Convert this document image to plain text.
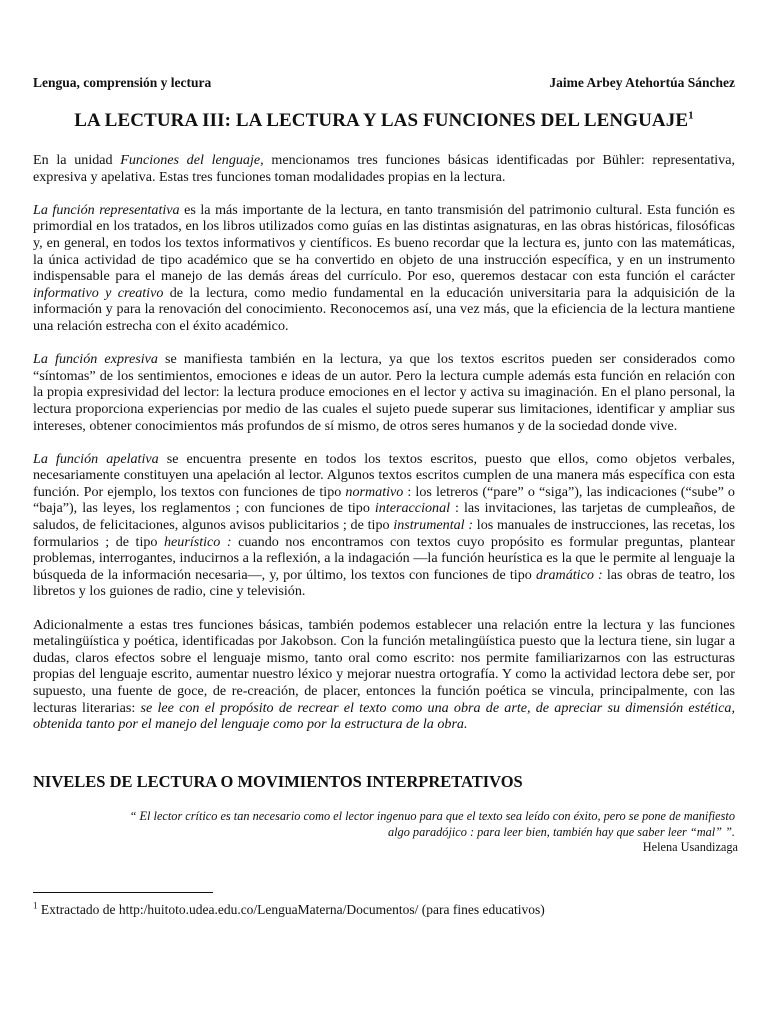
Lengua, comprensión y lectura	Jaime Arbey Atehortúa Sánchez
LA LECTURA III: LA LECTURA Y LAS FUNCIONES DEL LENGUAJE$^1$

En la unidad Funciones del lenguaje, mencionamos tres funciones básicas identificadas por Bühler: representativa, expresiva y apelativa. Estas tres funciones toman modalidades propias en la lectura.

La función representativa es la más importante de la lectura, en tanto transmisión del patrimonio cultural. Esta función es primordial en los tratados, en los libros utilizados como guías en las distintas asignaturas, en las obras históricas, filosóficas y, en general, en todos los textos informativos y científicos. Es bueno recordar que la lectura es, junto con las matemáticas, la única actividad de tipo académico que se ha convertido en objeto de una instrucción específica, y en un instrumento indispensable para el manejo de las demás áreas del currículo. Por eso, queremos destacar con esta función el carácter informativo y creativo de la lectura, como medio fundamental en la educación universitaria para la adquisición de la información y para la renovación del conocimiento. Reconocemos así, una vez más, que la eficiencia de la lectura mantiene una relación estrecha con el éxito académico.

La función expresiva se manifiesta también en la lectura, ya que los textos escritos pueden ser considerados como “síntomas” de los sentimientos, emociones e ideas de un autor. Pero la lectura cumple además esta función en relación con la propia expresividad del lector: la lectura produce emociones en el lector y activa su imaginación. En el plano personal, la lectura proporciona experiencias por medio de las cuales el sujeto puede superar sus limitaciones, identificar y ampliar sus intereses, obtener conocimientos más profundos de sí mismo, de otros seres humanos y de la sociedad donde vive.

La función apelativa se encuentra presente en todos los textos escritos, puesto que ellos, como objetos verbales, necesariamente constituyen una apelación al lector. Algunos textos escritos cumplen de una manera más específica con esta función. Por ejemplo, los textos con funciones de tipo normativo : los letreros (“pare” o “siga”), las indicaciones (“sube” o “baja”), las leyes, los reglamentos ; con funciones de tipo interaccional : las invitaciones, las tarjetas de cumpleaños, de saludos, de felicitaciones, algunos avisos publicitarios ; de tipo instrumental : los manuales de instrucciones, las recetas, los formularios ; de tipo heurístico : cuando nos encontramos con textos cuyo propósito es formular preguntas, plantear problemas, interrogantes, inducirnos a la reflexión, a la indagación —la función heurística es la que le permite al lenguaje la búsqueda de la información necesaria—, y, por último, los textos con funciones de tipo dramático : las obras de teatro, los libretos y los guiones de radio, cine y televisión.

Adicionalmente a estas tres funciones básicas, también podemos establecer una relación entre la lectura y las funciones metalingüística y poética, identificadas por Jakobson. Con la función metalingüística puesto que la lectura tiene, sin lugar a dudas, claros efectos sobre el lenguaje mismo, tanto oral como escrito: nos permite familiarizarnos con las estructuras propias del lenguaje escrito, aumentar nuestro léxico y mejorar nuestra ortografía. Y como la actividad lectora debe ser, por supuesto, una fuente de goce, de re-creación, de placer, entonces la función poética se vincula, principalmente, con las lecturas literarias: se lee con el propósito de recrear el texto como una obra de arte, de apreciar su dimensión estética, obtenida tanto por el manejo del lenguaje como por la estructura de la obra.

NIVELES DE LECTURA O MOVIMIENTOS INTERPRETATIVOS
“ El lector crítico es tan necesario como el lector ingenuo para que el texto sea leído con éxito, pero se pone de manifiesto
algo paradójico : para leer bien, también hay que saber leer “mal” ”.
Helena Usandizaga
$^1$ Extractado de http:/huitoto.udea.edu.co/LenguaMaterna/Documentos/ (para fines educativos)
